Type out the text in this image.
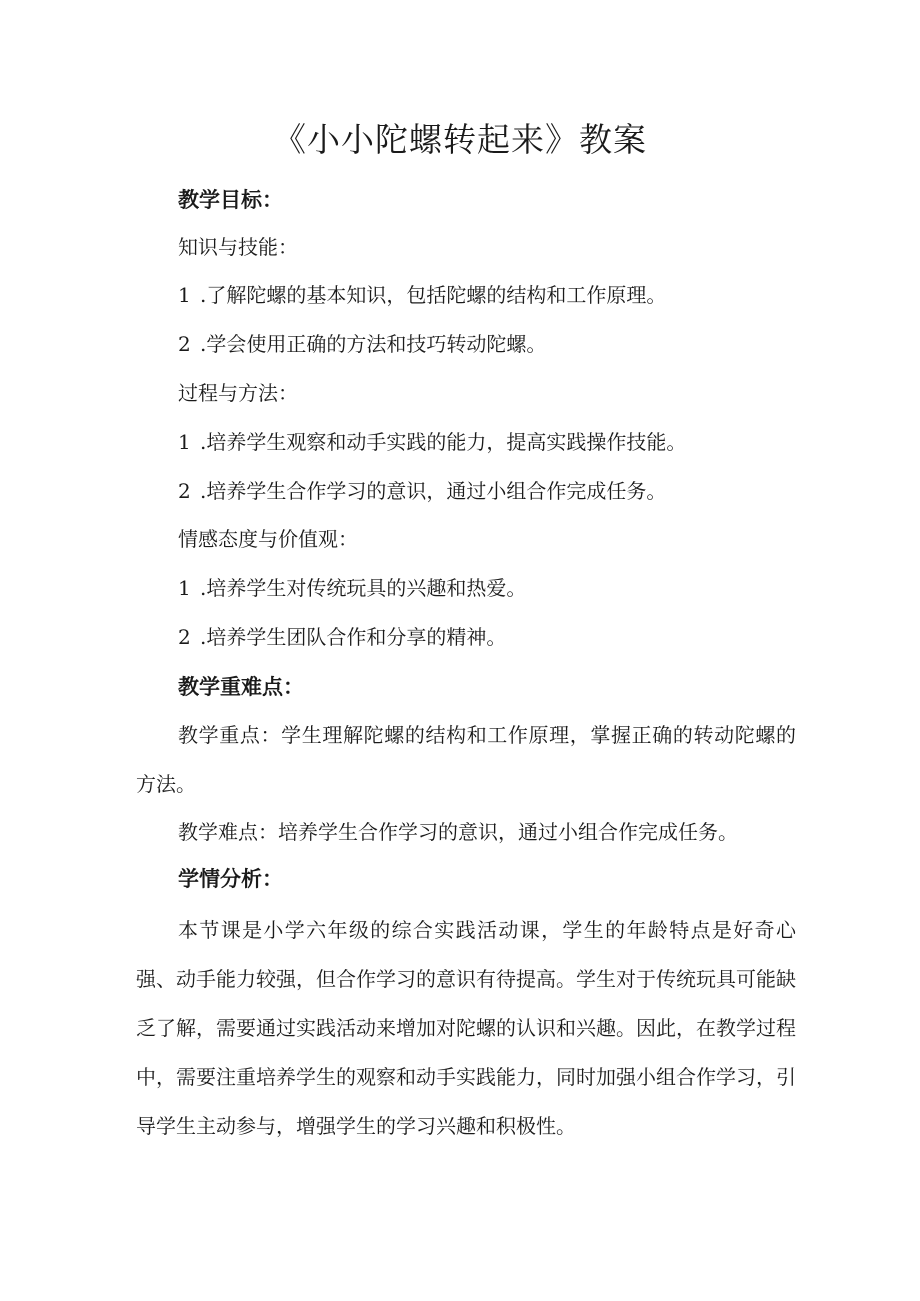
《小小陀螺转起来》教案
教学目标：
知识与技能：
1 .了解陀螺的基本知识，包括陀螺的结构和工作原理。
2 .学会使用正确的方法和技巧转动陀螺。
过程与方法：
1 .培养学生观察和动手实践的能力，提高实践操作技能。
2 .培养学生合作学习的意识，通过小组合作完成任务。
情感态度与价值观：
1 .培养学生对传统玩具的兴趣和热爱。
2 .培养学生团队合作和分享的精神。
教学重难点：

教学重点：学生理解陀螺的结构和工作原理，掌握正确的转动陀螺的方法。

教学难点：培养学生合作学习的意识，通过小组合作完成任务。

学情分析：

本节课是小学六年级的综合实践活动课，学生的年龄特点是好奇心强、动手能力较强，但合作学习的意识有待提高。学生对于传统玩具可能缺乏了解，需要通过实践活动来增加对陀螺的认识和兴趣。因此，在教学过程中，需要注重培养学生的观察和动手实践能力，同时加强小组合作学习，引导学生主动参与，增强学生的学习兴趣和积极性。
